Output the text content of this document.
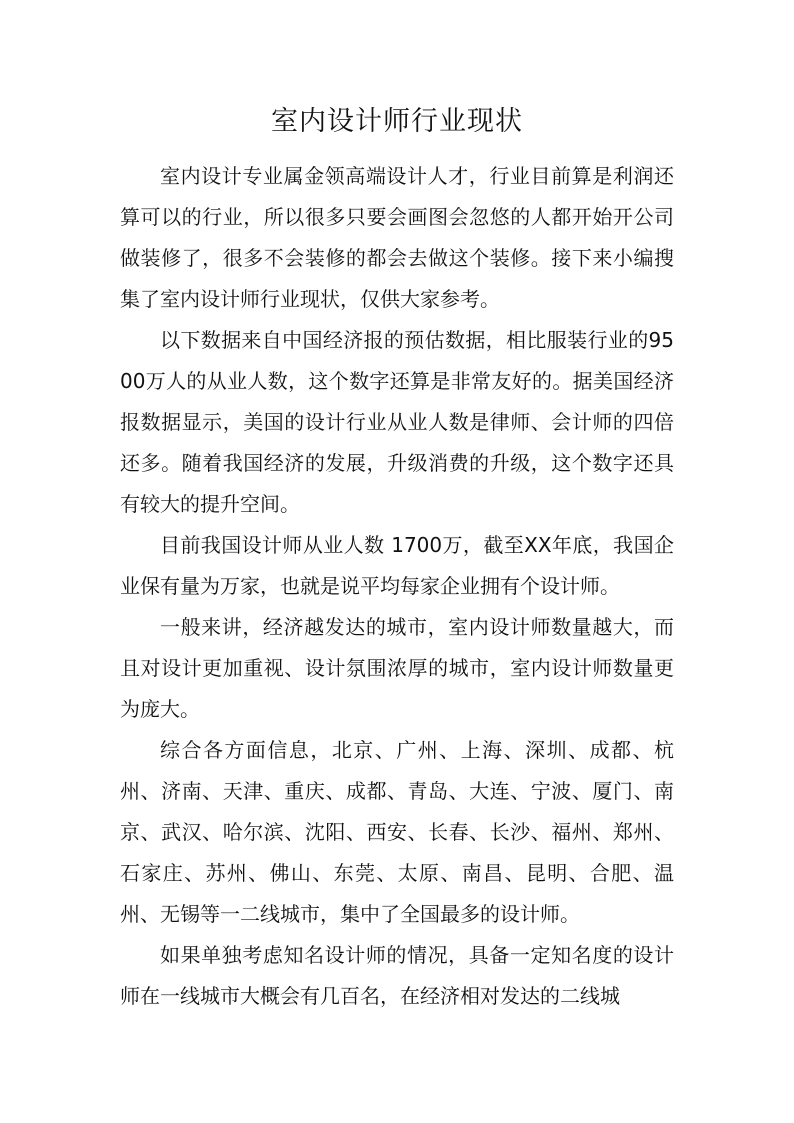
室内设计师行业现状

室内设计专业属金领高端设计人才，行业目前算是利润还算可以的行业，所以很多只要会画图会忽悠的人都开始开公司做装修了，很多不会装修的都会去做这个装修。接下来小编搜集了室内设计师行业现状，仅供大家参考。

以下数据来自中国经济报的预估数据，相比服装行业的9500万人的从业人数，这个数字还算是非常友好的。据美国经济报数据显示，美国的设计行业从业人数是律师、会计师的四倍还多。随着我国经济的发展，升级消费的升级，这个数字还具有较大的提升空间。

目前我国设计师从业人数 1700万，截至XX年底，我国企业保有量为万家，也就是说平均每家企业拥有个设计师。

一般来讲，经济越发达的城市，室内设计师数量越大，而且对设计更加重视、设计氛围浓厚的城市，室内设计师数量更为庞大。

综合各方面信息，北京、广州、上海、深圳、成都、杭州、济南、天津、重庆、成都、青岛、大连、宁波、厦门、南京、武汉、哈尔滨、沈阳、西安、长春、长沙、福州、郑州、石家庄、苏州、佛山、东莞、太原、南昌、昆明、合肥、温州、无锡等一二线城市，集中了全国最多的设计师。

如果单独考虑知名设计师的情况，具备一定知名度的设计师在一线城市大概会有几百名，在经济相对发达的二线城
